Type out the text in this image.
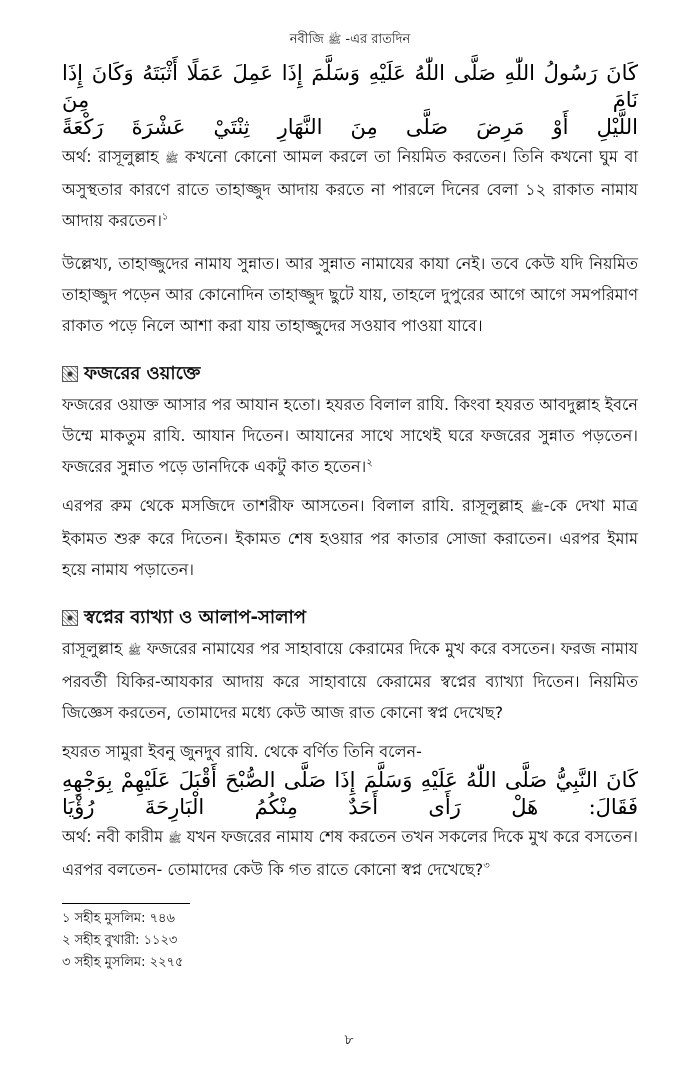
নবীজি ﷺ -এর রাতদিন
كَانَ رَسُولُ اللّٰهِ صَلَّى اللّٰهُ عَلَيْهِ وَسَلَّمَ إِذَا عَمِلَ عَمَلًا أَثْبَتَهُ وَكَانَ إِذَا نَامَ مِنَ
اللَّيْلِ أَوْ مَرِضَ صَلَّى مِنَ النَّهَارِ ثِنْتَيْ عَشْرَةَ رَكْعَةً

অর্থ: রাসূলুল্লাহ ﷺ কখনো কোনো আমল করলে তা নিয়মিত করতেন। তিনি কখনো ঘুম বা অসুস্থতার কারণে রাতে তাহাজ্জুদ আদায় করতে না পারলে দিনের বেলা ১২ রাকাত নামায আদায় করতেন।$^১$

উল্লেখ্য, তাহাজ্জুদের নামায সুন্নাত। আর সুন্নাত নামাযের কাযা নেই। তবে কেউ যদি নিয়মিত তাহাজ্জুদ পড়েন আর কোনোদিন তাহাজ্জুদ ছুটে যায়, তাহলে দুপুরের আগে আগে সমপরিমাণ রাকাত পড়ে নিলে আশা করা যায় তাহাজ্জুদের সওয়াব পাওয়া যাবে।

ফজরের ওয়াক্তে

ফজরের ওয়াক্ত আসার পর আযান হতো। হযরত বিলাল রাযি. কিংবা হযরত আবদুল্লাহ ইবনে উম্মে মাকতুম রাযি. আযান দিতেন। আযানের সাথে সাথেই ঘরে ফজরের সুন্নাত পড়তেন। ফজরের সুন্নাত পড়ে ডানদিকে একটু কাত হতেন।$^২$

এরপর রুম থেকে মসজিদে তাশরীফ আসতেন। বিলাল রাযি. রাসূলুল্লাহ ﷺ-কে দেখা মাত্র ইকামত শুরু করে দিতেন। ইকামত শেষ হওয়ার পর কাতার সোজা করাতেন। এরপর ইমাম হয়ে নামায পড়াতেন।

স্বপ্নের ব্যাখ্যা ও আলাপ-সালাপ

রাসূলুল্লাহ ﷺ ফজরের নামাযের পর সাহাবায়ে কেরামের দিকে মুখ করে বসতেন। ফরজ নামায পরবর্তী যিকির-আযকার আদায় করে সাহাবায়ে কেরামের স্বপ্নের ব্যাখ্যা দিতেন। নিয়মিত জিজ্ঞেস করতেন, তোমাদের মধ্যে কেউ আজ রাত কোনো স্বপ্ন দেখেছ?

হযরত সামুরা ইবনু জুনদুব রাযি. থেকে বর্ণিত তিনি বলেন-

كَانَ النَّبِيُّ صَلَّى اللّٰهُ عَلَيْهِ وَسَلَّمَ إِذَا صَلَّى الصُّبْحَ أَقْبَلَ عَلَيْهِمْ بِوَجْهِهِ
فَقَالَ: هَلْ رَأَى أَحَدٌ مِنْكُمُ الْبَارِحَةَ رُؤْيَا

অর্থ: নবী কারীম ﷺ যখন ফজরের নামায শেষ করতেন তখন সকলের দিকে মুখ করে বসতেন। এরপর বলতেন- তোমাদের কেউ কি গত রাতে কোনো স্বপ্ন দেখেছে?$^৩$

১ সহীহ মুসলিম: ৭৪৬
২ সহীহ বুখারী: ১১২৩
৩ সহীহ মুসলিম: ২২৭৫
৮
